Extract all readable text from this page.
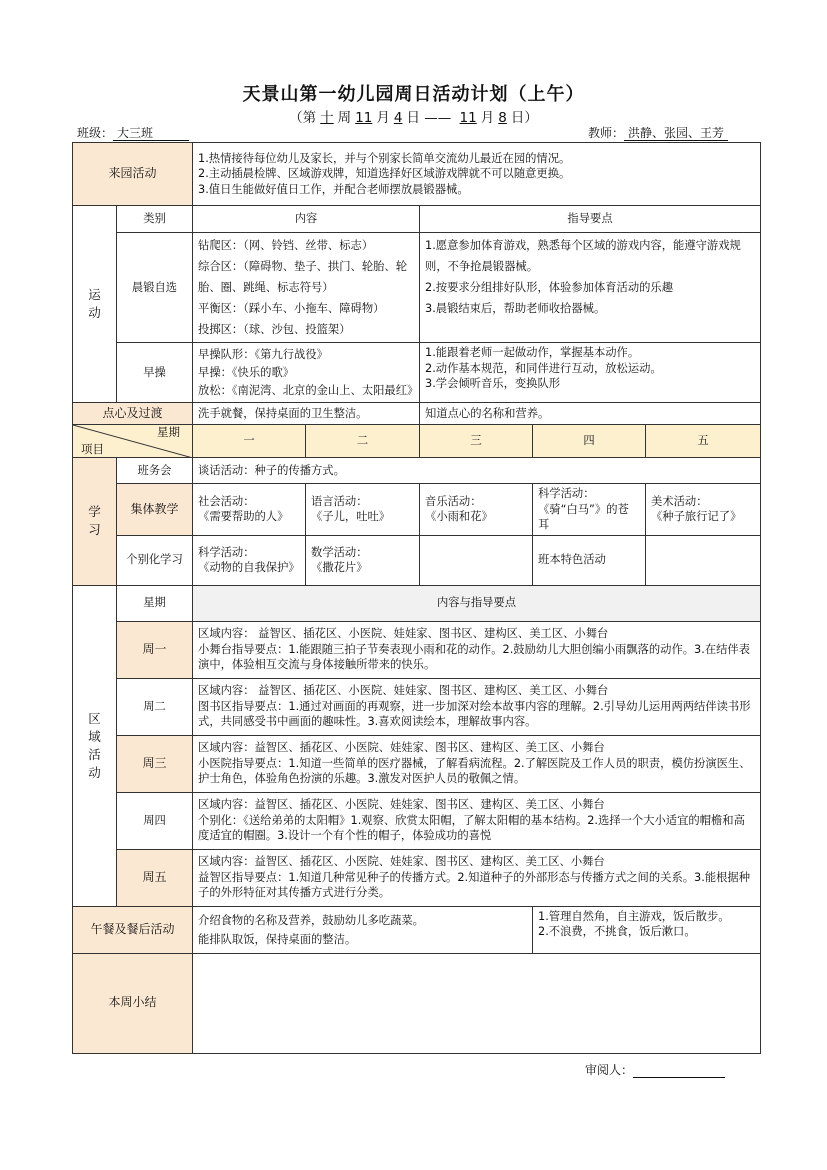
天景山第一幼儿园周日活动计划（上午）
（第 十 周 11 月 4 日 —— 11 月 8 日）
班级： 大三班	教师： 洪静、张园、王芳
来园活动		1.热情接待每位幼儿及家长，并与个别家长简单交流幼儿最近在园的情况。
2.主动插晨检牌、区域游戏牌，知道选择好区域游戏牌就不可以随意更换。
3.值日生能做好值日工作，并配合老师摆放晨锻器械。				

运动	类别	内容		指导要点		
	晨锻自选	钻爬区：（网、铃铛、丝带、标志）
综合区：（障碍物、垫子、拱门、轮胎、轮胎、圈、跳绳、标志符号）
平衡区：（踩小车、小拖车、障碍物）
投掷区：（球、沙包、投篮架）		1.愿意参加体育游戏，熟悉每个区域的游戏内容，能遵守游戏规则，不争抢晨锻器械。
2.按要求分组排好队形，体验参加体育活动的乐趣
3.晨锻结束后，帮助老师收拾器械。		

	早操	早操队形：《第九行战役》
早操：《快乐的歌》
放松：《南泥湾、北京的金山上、太阳最红》		1.能跟着老师一起做动作，掌握基本动作。
2.动作基本规范，和同伴进行互动，放松运动。
3.学会倾听音乐，变换队形		

点心及过渡		洗手就餐，保持桌面的卫生整洁。		知道点心的名称和营养。		

星期
项目		一	二	三	四	五
学习	班务会	谈话活动：种子的传播方式。				
	集体教学	社会活动：
《需要帮助的人》	语言活动：
《子儿，吐吐》	音乐活动：
《小雨和花》	科学活动：
《骑“白马”》的苍耳	美术活动：
《种子旅行记了》

	个别化学习	科学活动：
《动物的自我保护》	数学活动：
《撒花片》		班本特色活动	

区域活动	星期	内容与指导要点				
	周一	区域内容： 益智区、插花区、小医院、娃娃家、图书区、建构区、美工区、小舞台
小舞台指导要点：1.能跟随三拍子节奏表现小雨和花的动作。2.鼓励幼儿大胆创编小雨飘落的动作。3.在结伴表演中，体验相互交流与身体接触所带来的快乐。				

	周二	区域内容： 益智区、插花区、小医院、娃娃家、图书区、建构区、美工区、小舞台
图书区指导要点：1.通过对画面的再观察，进一步加深对绘本故事内容的理解。2.引导幼儿运用两两结伴读书形式，共同感受书中画面的趣味性。3.喜欢阅读绘本，理解故事内容。				

	周三	区域内容：益智区、插花区、小医院、娃娃家、图书区、建构区、美工区、小舞台
小医院指导要点：1.知道一些简单的医疗器械，了解看病流程。2.了解医院及工作人员的职责，模仿扮演医生、护士角色，体验角色扮演的乐趣。3.激发对医护人员的敬佩之情。				

	周四	区域内容：益智区、插花区、小医院、娃娃家、图书区、建构区、美工区、小舞台
个别化：《送给弟弟的太阳帽》1.观察、欣赏太阳帽，了解太阳帽的基本结构。2.选择一个大小适宜的帽檐和高度适宜的帽圈。3.设计一个有个性的帽子，体验成功的喜悦				

	周五	区域内容：益智区、插花区、小医院、娃娃家、图书区、建构区、美工区、小舞台
益智区指导要点：1.知道几种常见种子的传播方式。2.知道种子的外部形态与传播方式之间的关系。3.能根据种子的外形特征对其传播方式进行分类。				

午餐及餐后活动		介绍食物的名称及营养，鼓励幼儿多吃蔬菜。
能排队取饭，保持桌面的整洁。			1.管理自然角，自主游戏，饭后散步。
2.不浪费，不挑食，饭后漱口。	

本周小结						
审阅人：
